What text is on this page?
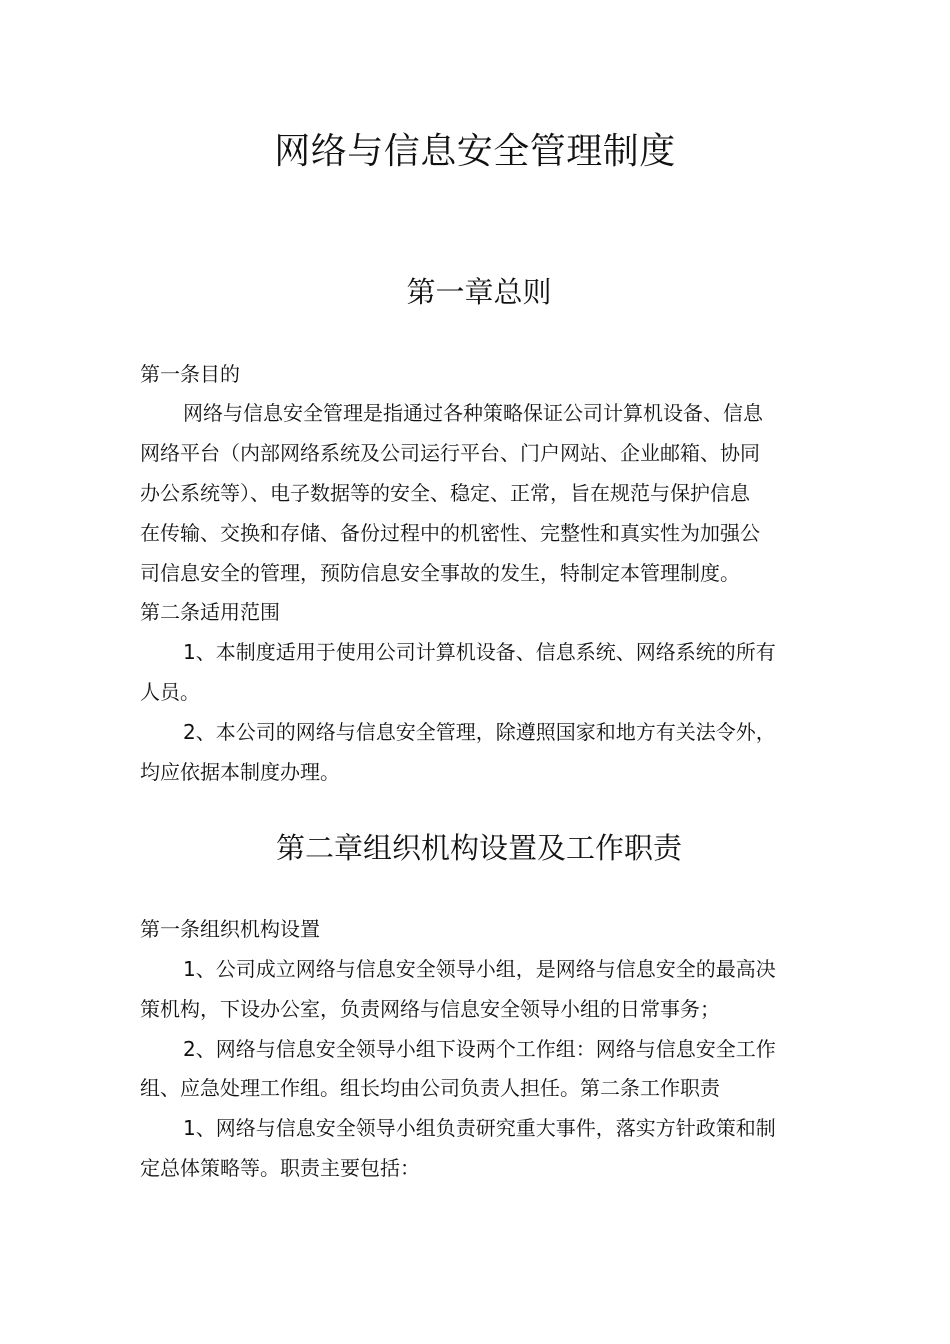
网络与信息安全管理制度
第一章总则
第一条目的
网络与信息安全管理是指通过各种策略保证公司计算机设备、信息
网络平台（内部网络系统及公司运行平台、门户网站、企业邮箱、协同
办公系统等）、电子数据等的安全、稳定、正常，旨在规范与保护信息
在传输、交换和存储、备份过程中的机密性、完整性和真实性为加强公
司信息安全的管理，预防信息安全事故的发生，特制定本管理制度。
第二条适用范围
1、本制度适用于使用公司计算机设备、信息系统、网络系统的所有
人员。
2、本公司的网络与信息安全管理，除遵照国家和地方有关法令外，
均应依据本制度办理。
第二章组织机构设置及工作职责
第一条组织机构设置
1、公司成立网络与信息安全领导小组，是网络与信息安全的最高决
策机构，下设办公室，负责网络与信息安全领导小组的日常事务；
2、网络与信息安全领导小组下设两个工作组：网络与信息安全工作
组、应急处理工作组。组长均由公司负责人担任。第二条工作职责
1、网络与信息安全领导小组负责研究重大事件，落实方针政策和制
定总体策略等。职责主要包括：
